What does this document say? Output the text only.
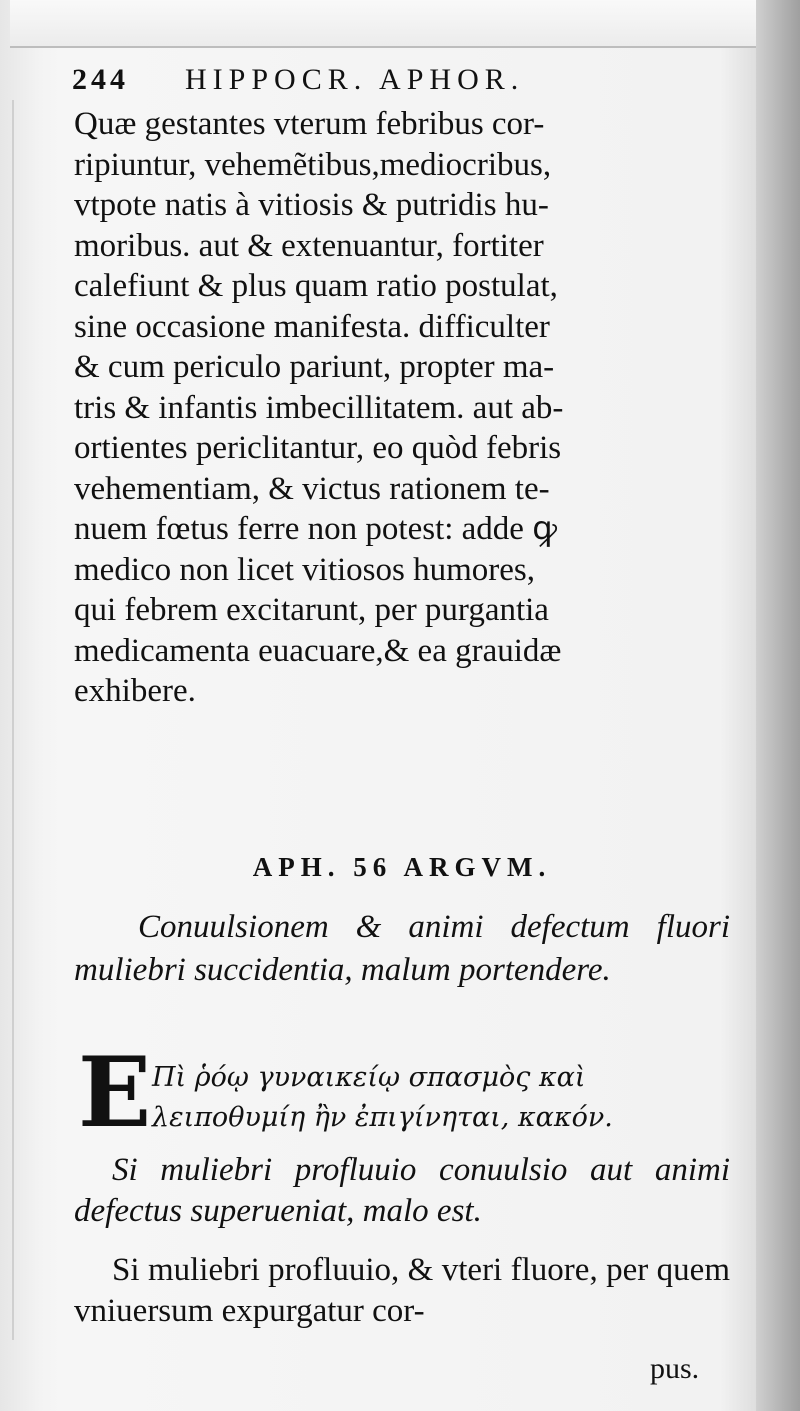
244 HIPPOCR. APHOR.
Quæ gestantes vterum febribus cor-
ripiuntur, vehemẽtibus,mediocribus,
vtpote natis à vitiosis & putridis hu-
moribus. aut & extenuantur, fortiter
calefiunt & plus quam ratio postulat,
sine occasione manifesta. difficulter
& cum periculo pariunt, propter ma-
tris & infantis imbecillitatem. aut ab-
ortientes periclitantur, eo quòd febris
vehementiam, & victus rationem te-
nuem fœtus ferre non potest: adde ꝙ
medico non licet vitiosos humores,
qui febrem excitarunt, per purgantia
medicamenta euacuare,& ea grauidæ
exhibere.
APH. 56 ARGVM.
Conuulsionem & animi defectum fluori muliebri succidentia, malum portendere.
E Πὶ ῥόῳ γυναικείῳ σπασμὸς καὶ λειποθυμίη ἢν ἐπιγίνηται, κακόν.
Si muliebri profluuio conuulsio aut animi defectus superueniat, malo est.
Si muliebri profluuio, & vteri fluore, per quem vniuersum expurgatur cor-
pus.
